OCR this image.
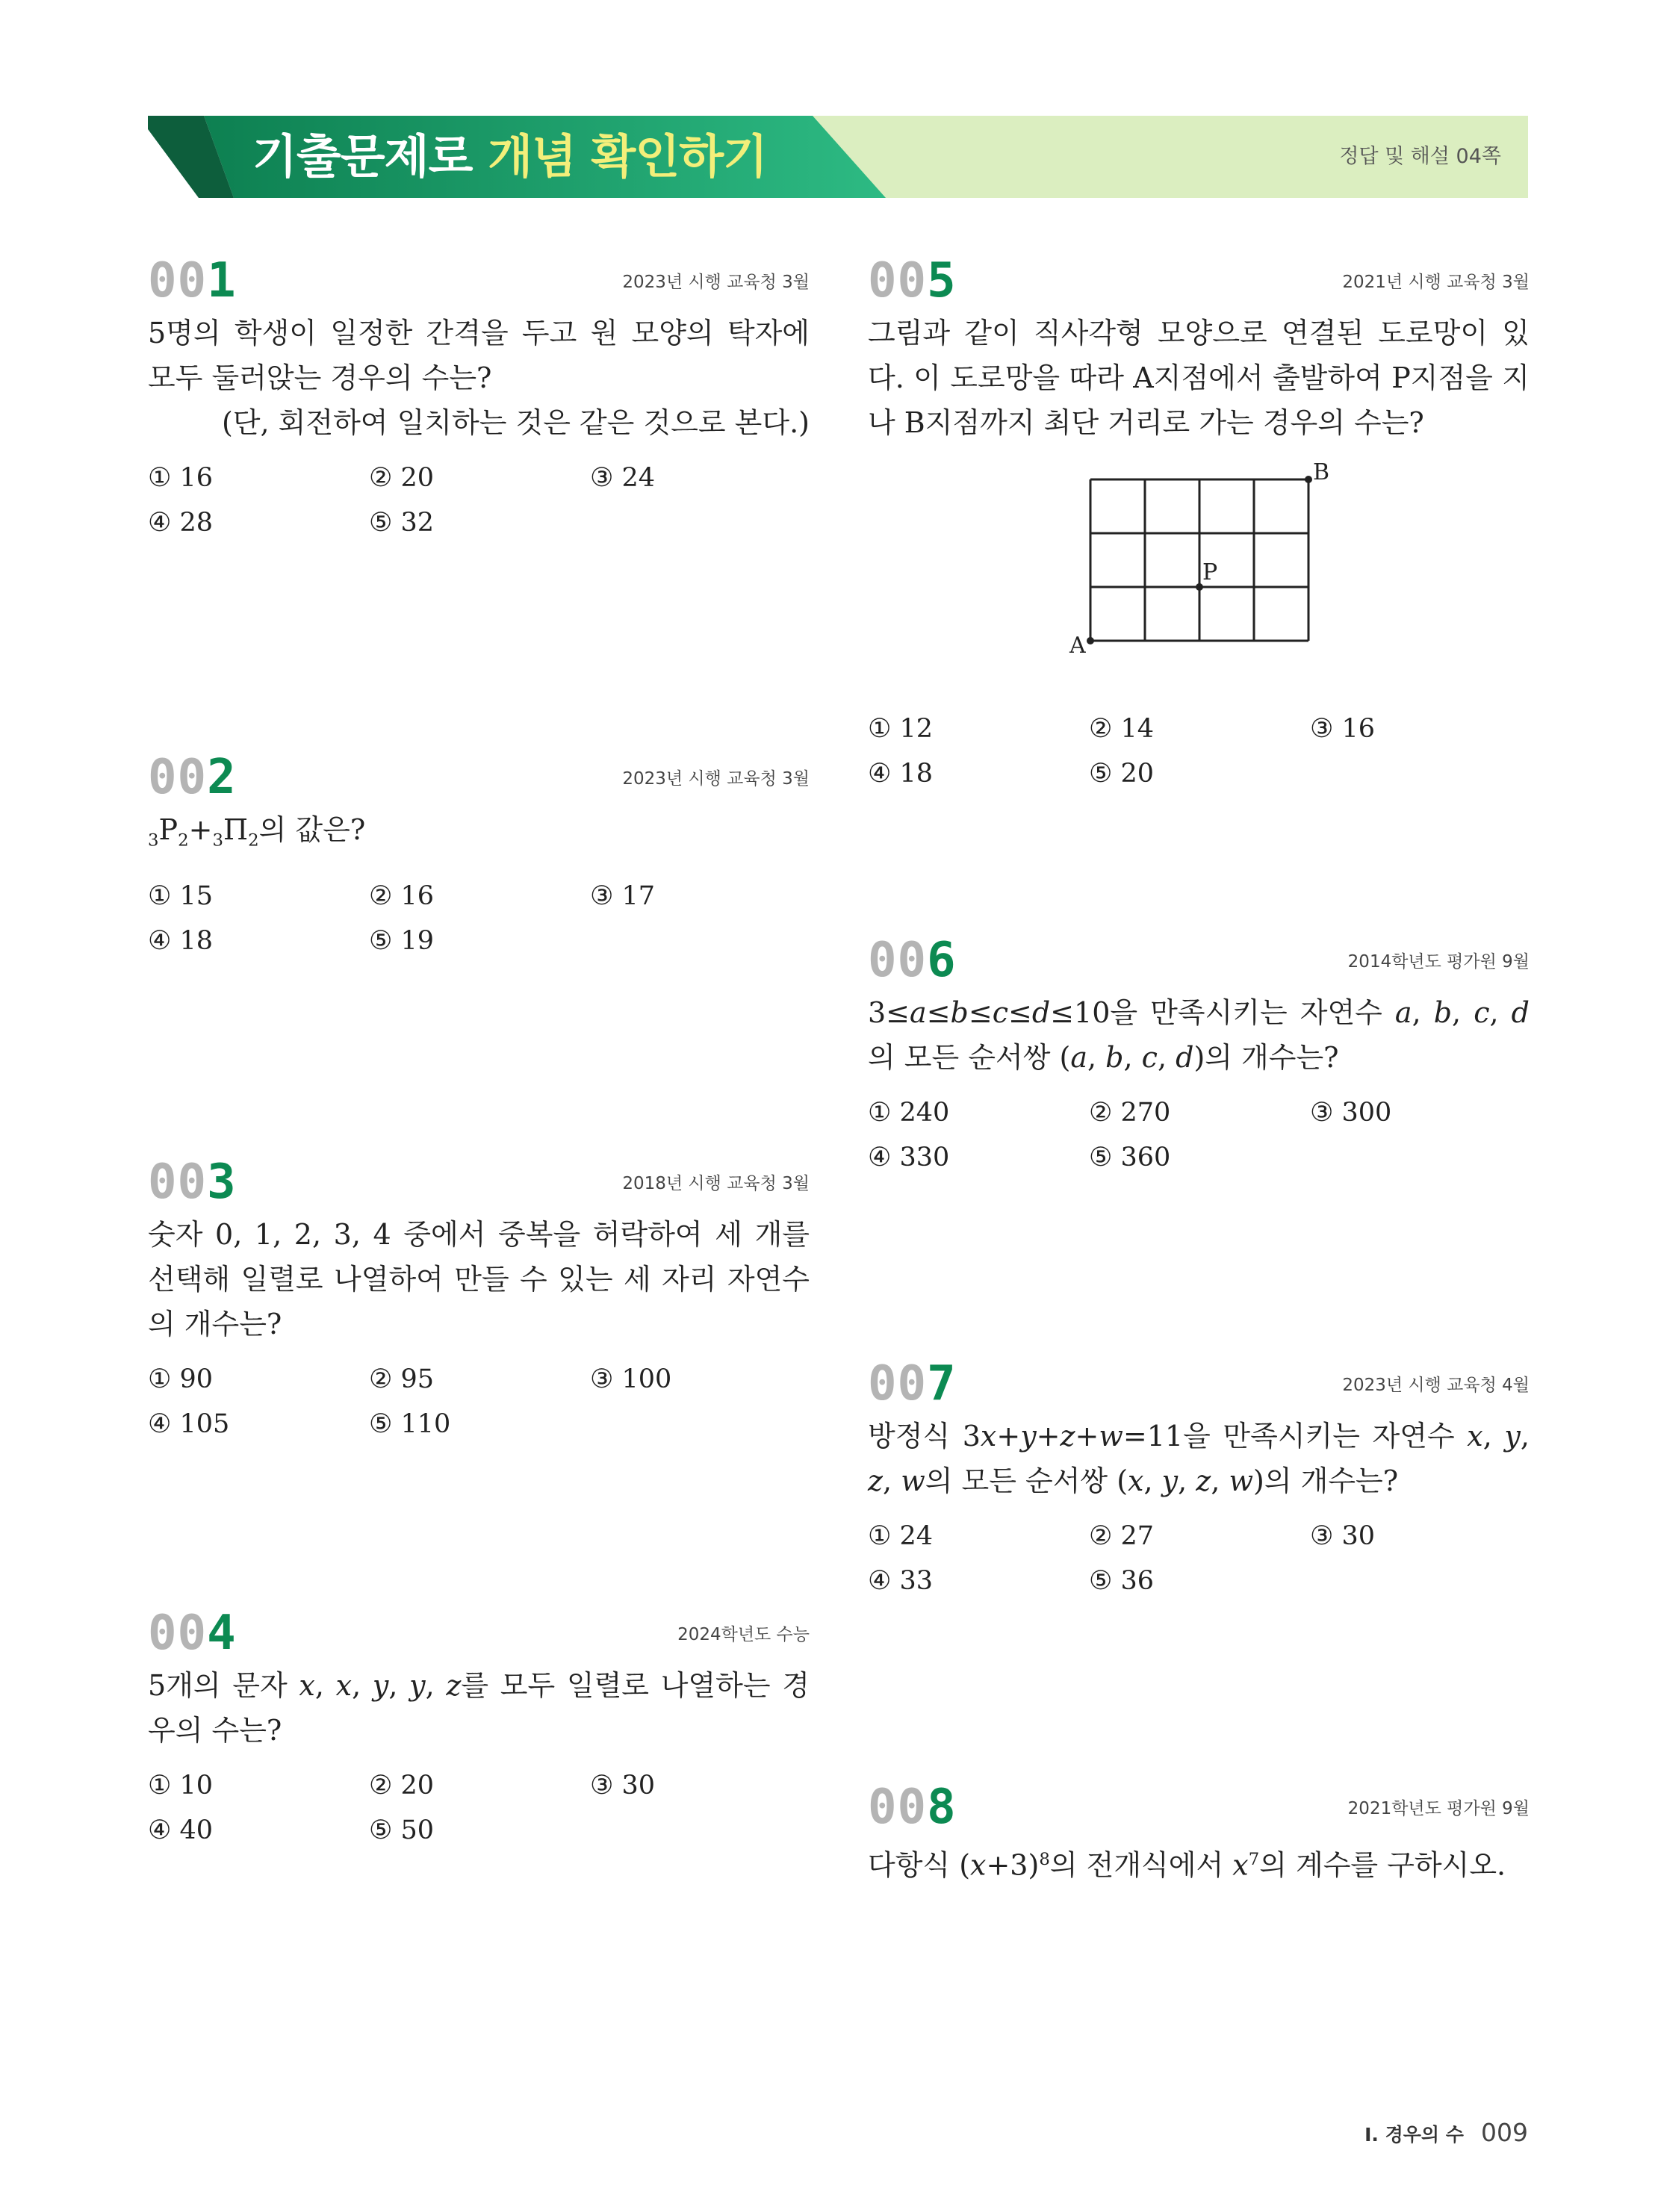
기출문제로 개념 확인하기	정답 및 해설 04쪽
001	2023년 시행 교육청 3월
5명의 학생이 일정한 간격을 두고 원 모양의 탁자에 모두 둘러앉는 경우의 수는?
(단, 회전하여 일치하는 것은 같은 것으로 본다.)
① 16	② 20	③ 24
④ 28	⑤ 32
002	2023년 시행 교육청 3월
$_3P_2+_3\Pi_2$의 값은?
① 15	② 16	③ 17
④ 18	⑤ 19
003	2018년 시행 교육청 3월
숫자 0, 1, 2, 3, 4 중에서 중복을 허락하여 세 개를 선택해 일렬로 나열하여 만들 수 있는 세 자리 자연수의 개수는?
① 90	② 95	③ 100
④ 105	⑤ 110
004	2024학년도 수능
5개의 문자 x, x, y, y, z를 모두 일렬로 나열하는 경우의 수는?
① 10	② 20	③ 30
④ 40	⑤ 50
005	2021년 시행 교육청 3월
그림과 같이 직사각형 모양으로 연결된 도로망이 있다. 이 도로망을 따라 A지점에서 출발하여 P지점을 지나 B지점까지 최단 거리로 가는 경우의 수는?
① 12	② 14	③ 16
④ 18	⑤ 20
A
B
P
006	2014학년도 평가원 9월
3≤a≤b≤c≤d≤10을 만족시키는 자연수 a, b, c, d의 모든 순서쌍 (a, b, c, d)의 개수는?
① 240	② 270	③ 300
④ 330	⑤ 360
007	2023년 시행 교육청 4월
방정식 3x+y+z+w=11을 만족시키는 자연수 x, y, z, w의 모든 순서쌍 (x, y, z, w)의 개수는?
① 24	② 27	③ 30
④ 33	⑤ 36
008	2021학년도 평가원 9월
다항식 $(x+3)^8$의 전개식에서 $x^7$의 계수를 구하시오.
Ⅰ. 경우의 수 009
